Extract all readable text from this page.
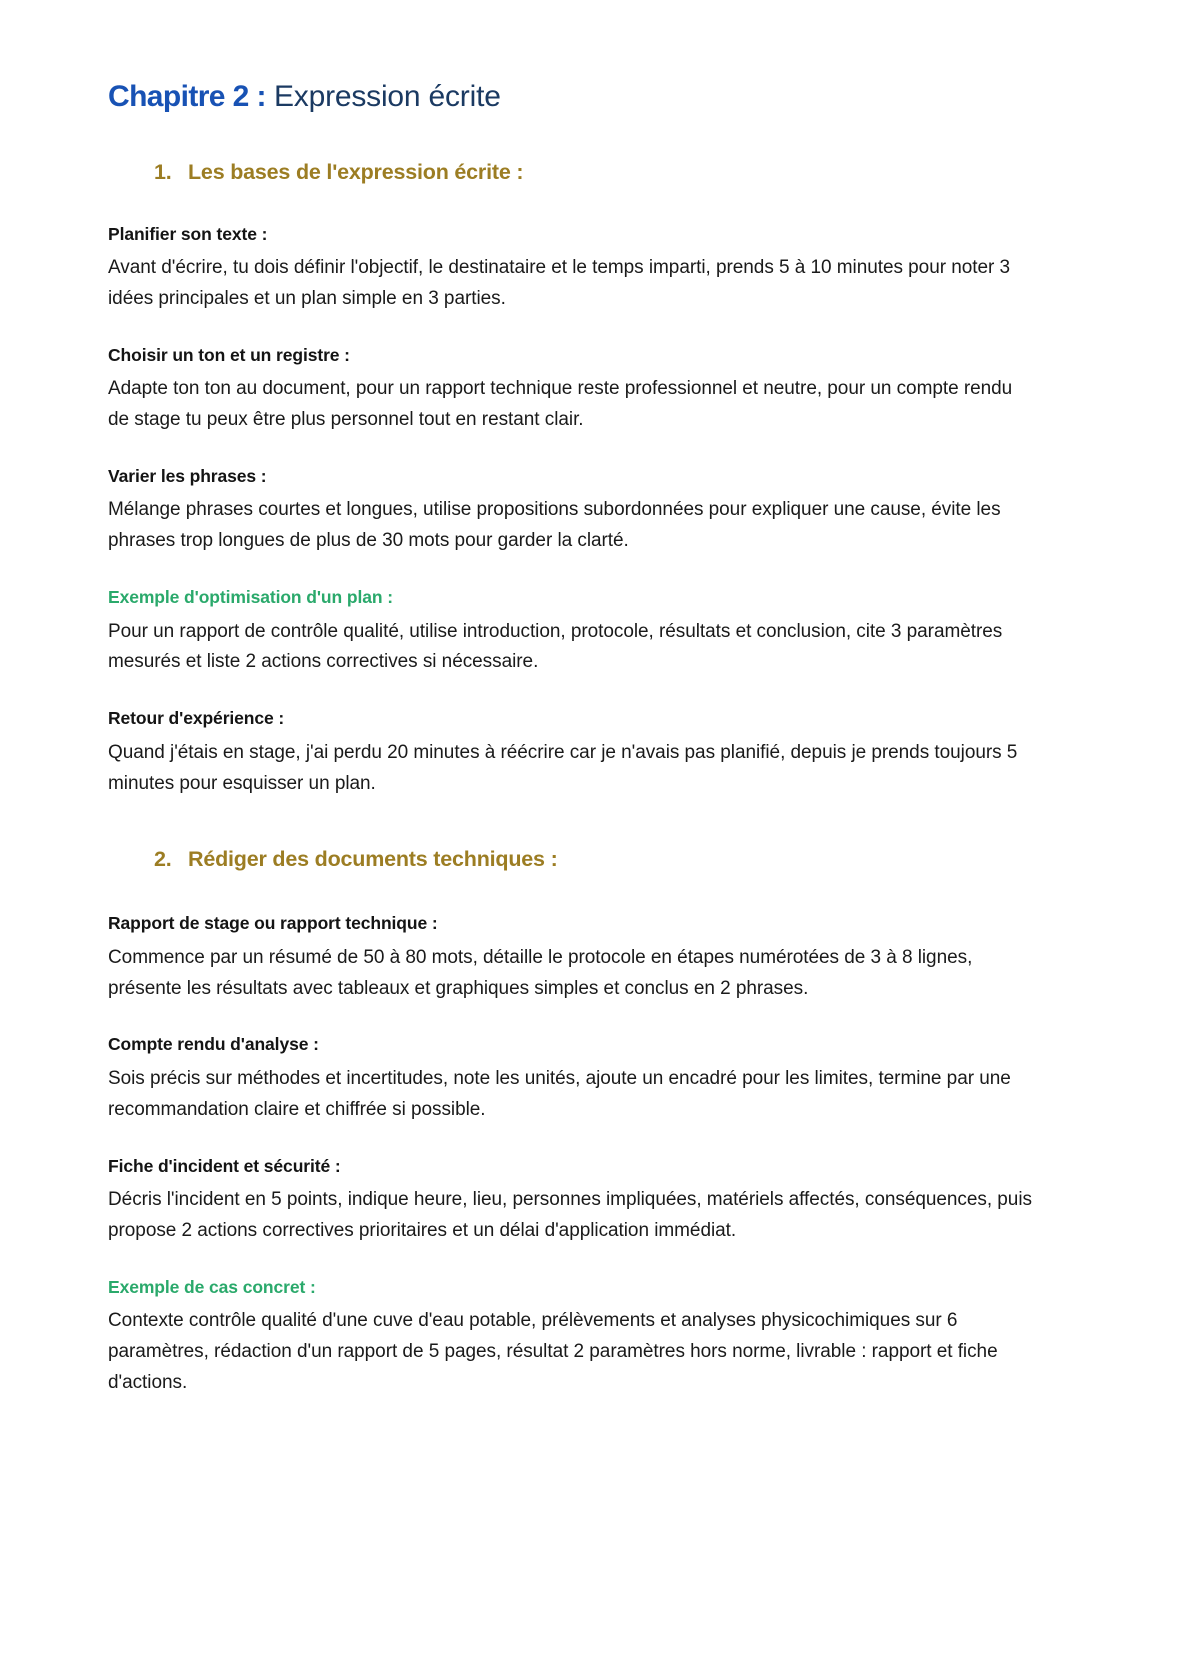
Chapitre 2 : Expression écrite
1. Les bases de l'expression écrite :
Planifier son texte :

Avant d'écrire, tu dois définir l'objectif, le destinataire et le temps imparti, prends 5 à 10 minutes pour noter 3 idées principales et un plan simple en 3 parties.

Choisir un ton et un registre :

Adapte ton ton au document, pour un rapport technique reste professionnel et neutre, pour un compte rendu de stage tu peux être plus personnel tout en restant clair.

Varier les phrases :

Mélange phrases courtes et longues, utilise propositions subordonnées pour expliquer une cause, évite les phrases trop longues de plus de 30 mots pour garder la clarté.

Exemple d'optimisation d'un plan :

Pour un rapport de contrôle qualité, utilise introduction, protocole, résultats et conclusion, cite 3 paramètres mesurés et liste 2 actions correctives si nécessaire.

Retour d'expérience :

Quand j'étais en stage, j'ai perdu 20 minutes à réécrire car je n'avais pas planifié, depuis je prends toujours 5 minutes pour esquisser un plan.

2. Rédiger des documents techniques :
Rapport de stage ou rapport technique :

Commence par un résumé de 50 à 80 mots, détaille le protocole en étapes numérotées de 3 à 8 lignes, présente les résultats avec tableaux et graphiques simples et conclus en 2 phrases.

Compte rendu d'analyse :

Sois précis sur méthodes et incertitudes, note les unités, ajoute un encadré pour les limites, termine par une recommandation claire et chiffrée si possible.

Fiche d'incident et sécurité :

Décris l'incident en 5 points, indique heure, lieu, personnes impliquées, matériels affectés, conséquences, puis propose 2 actions correctives prioritaires et un délai d'application immédiat.

Exemple de cas concret :

Contexte contrôle qualité d'une cuve d'eau potable, prélèvements et analyses physicochimiques sur 6 paramètres, rédaction d'un rapport de 5 pages, résultat 2 paramètres hors norme, livrable : rapport et fiche d'actions.
